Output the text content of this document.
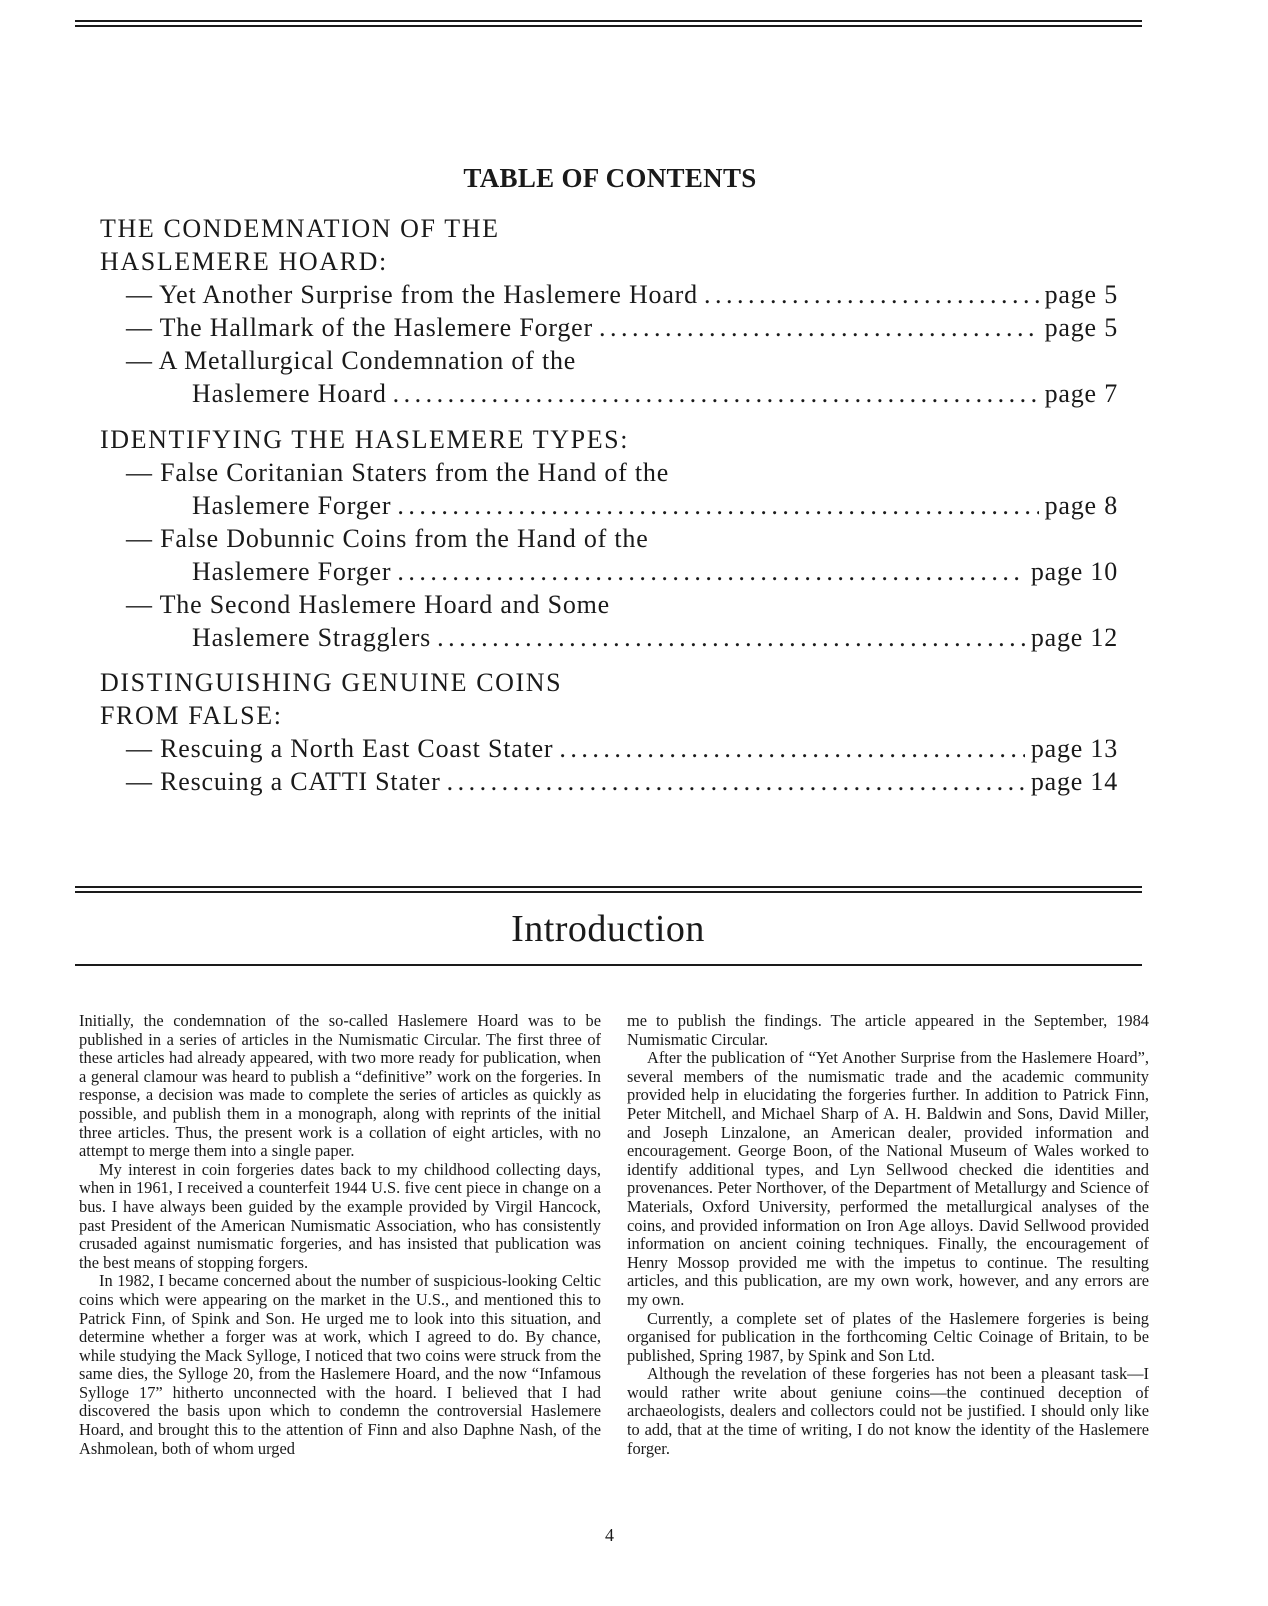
TABLE OF CONTENTS
THE CONDEMNATION OF THE
HASLEMERE HOARD:
— Yet Another Surprise from the Haslemere Hoard .....	page 5
— The Hallmark of the Haslemere Forger .....	page 5
— A Metallurgical Condemnation of the
Haslemere Hoard .....	page 7
IDENTIFYING THE HASLEMERE TYPES:
— False Coritanian Staters from the Hand of the
Haslemere Forger .....	page 8
— False Dobunnic Coins from the Hand of the
Haslemere Forger .....	page 10
— The Second Haslemere Hoard and Some
Haslemere Stragglers .....	page 12
DISTINGUISHING GENUINE COINS
FROM FALSE:
— Rescuing a North East Coast Stater .....	page 13
— Rescuing a CATTI Stater .....	page 14
Introduction

Initially, the condemnation of the so-called Haslemere Hoard was to be published in a series of articles in the Numismatic Circular. The first three of these articles had already appeared, with two more ready for publication, when a general clamour was heard to publish a “definitive” work on the forgeries. In response, a decision was made to complete the series of articles as quickly as possible, and publish them in a monograph, along with reprints of the initial three articles. Thus, the present work is a collation of eight articles, with no attempt to merge them into a single paper.

My interest in coin forgeries dates back to my childhood collecting days, when in 1961, I received a counterfeit 1944 U.S. five cent piece in change on a bus. I have always been guided by the example provided by Virgil Hancock, past President of the American Numismatic Association, who has consistently crusaded against numismatic forgeries, and has insisted that publication was the best means of stopping forgers.

In 1982, I became concerned about the number of suspicious-looking Celtic coins which were appearing on the market in the U.S., and mentioned this to Patrick Finn, of Spink and Son. He urged me to look into this situation, and determine whether a forger was at work, which I agreed to do. By chance, while studying the Mack Sylloge, I noticed that two coins were struck from the same dies, the Sylloge 20, from the Haslemere Hoard, and the now “Infamous Sylloge 17” hitherto unconnected with the hoard. I believed that I had discovered the basis upon which to condemn the controversial Haslemere Hoard, and brought this to the attention of Finn and also Daphne Nash, of the Ashmolean, both of whom urged

me to publish the findings. The article appeared in the September, 1984 Numismatic Circular.

After the publication of “Yet Another Surprise from the Haslemere Hoard”, several members of the numismatic trade and the academic community provided help in elucidating the forgeries further. In addition to Patrick Finn, Peter Mitchell, and Michael Sharp of A. H. Baldwin and Sons, David Miller, and Joseph Linzalone, an American dealer, provided information and encouragement. George Boon, of the National Museum of Wales worked to identify additional types, and Lyn Sellwood checked die identities and provenances. Peter Northover, of the Department of Metallurgy and Science of Materials, Oxford University, performed the metallurgical analyses of the coins, and provided information on Iron Age alloys. David Sellwood provided information on ancient coining techniques. Finally, the encouragement of Henry Mossop provided me with the impetus to continue. The resulting articles, and this publication, are my own work, however, and any errors are my own.

Currently, a complete set of plates of the Haslemere forgeries is being organised for publication in the forthcoming Celtic Coinage of Britain, to be published, Spring 1987, by Spink and Son Ltd.

Although the revelation of these forgeries has not been a pleasant task—I would rather write about geniune coins—the continued deception of archaeologists, dealers and collectors could not be justified. I should only like to add, that at the time of writing, I do not know the identity of the Haslemere forger.

4
